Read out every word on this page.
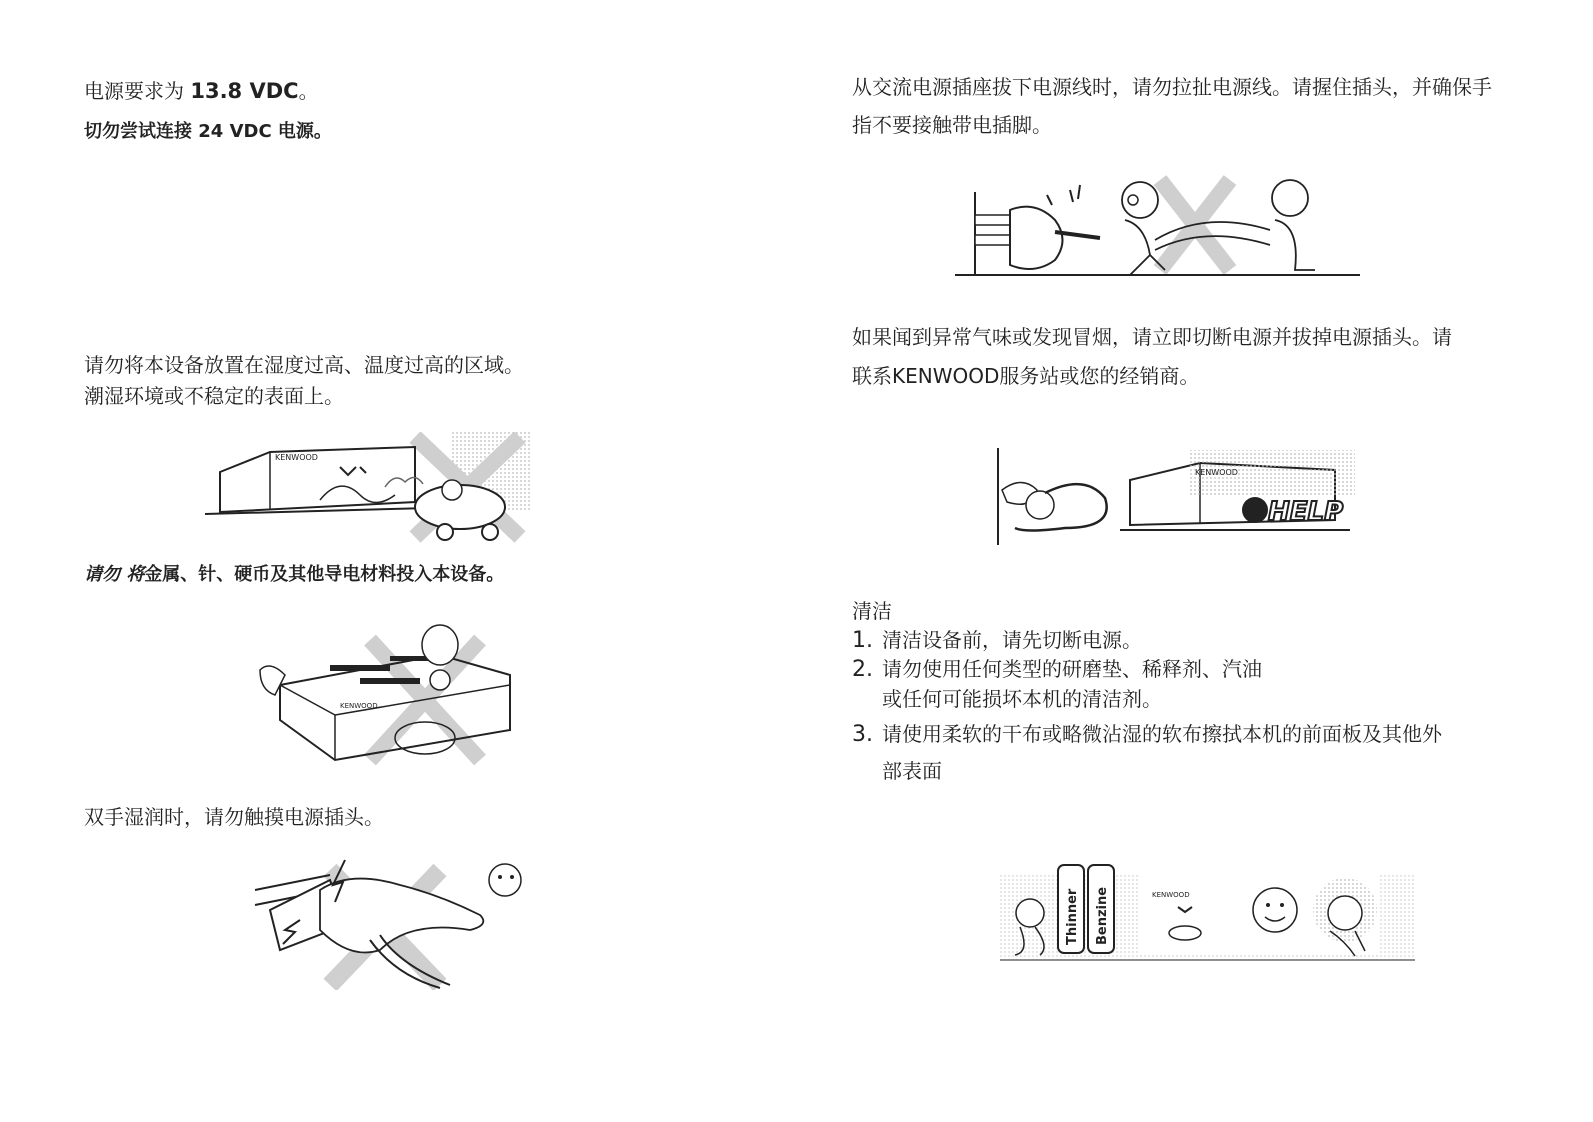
电源要求为 13.8 VDC。
切勿尝试连接 24 VDC 电源。
请勿将本设备放置在湿度过高、温度过高的区域。
潮湿环境或不稳定的表面上。
KENWOOD
请勿 将金属、针、硬币及其他导电材料投入本设备。
KENWOOD
双手湿润时，请勿触摸电源插头。
从交流电源插座拔下电源线时，请勿拉扯电源线。请握住插头，并确保手
指不要接触带电插脚。
如果闻到异常气味或发现冒烟，请立即切断电源并拔掉电源插头。请
联系KENWOOD服务站或您的经销商。
KENWOOD
HELP
清洁
1. 清洁设备前，请先切断电源。
2. 请勿使用任何类型的研磨垫、稀释剂、汽油
或任何可能损坏本机的清洁剂。
3. 请使用柔软的干布或略微沾湿的软布擦拭本机的前面板及其他外
部表面
Thinner Benzine	KENWOOD
